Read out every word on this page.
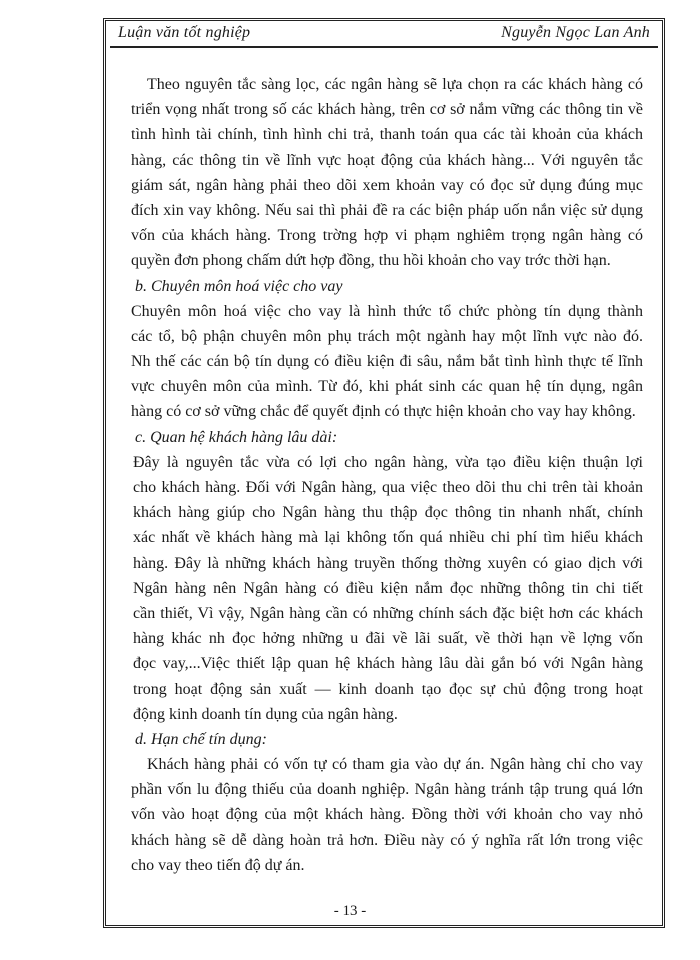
Luận văn tốt nghiệp	Nguyễn Ngọc Lan Anh
Theo nguyên tắc sàng lọc, các ngân hàng sẽ lựa chọn ra các khách hàng có
triển vọng nhất trong số các khách hàng, trên cơ sở nắm vững các thông tin về
tình hình tài chính, tình hình chi trả, thanh toán qua các tài khoản của khách
hàng, các thông tin về lĩnh vực hoạt động của khách hàng... Với nguyên tắc
giám sát, ngân hàng phải theo dõi xem khoản vay có đọc sử dụng đúng mục
đích xin vay không. Nếu sai thì phải đề ra các biện pháp uốn nắn việc sử dụng
vốn của khách hàng. Trong trờng hợp vi phạm nghiêm trọng ngân hàng có
quyền đơn phong chấm dứt hợp đồng, thu hồi khoản cho vay trớc thời hạn.
b. Chuyên môn hoá việc cho vay
Chuyên môn hoá việc cho vay là hình thức tổ chức phòng tín dụng thành
các tổ, bộ phận chuyên môn phụ trách một ngành hay một lĩnh vực nào đó.
Nh thế các cán bộ tín dụng có điều kiện đi sâu, nắm bắt tình hình thực tế lĩnh
vực chuyên môn của mình. Từ đó, khi phát sinh các quan hệ tín dụng, ngân
hàng có cơ sở vững chắc để quyết định có thực hiện khoản cho vay hay không.
c. Quan hệ khách hàng lâu dài:
Đây là nguyên tắc vừa có lợi cho ngân hàng, vừa tạo điều kiện thuận lợi
cho khách hàng. Đối với Ngân hàng, qua việc theo dõi thu chi trên tài khoản
khách hàng giúp cho Ngân hàng thu thập đọc thông tin nhanh nhất, chính
xác nhất về khách hàng mà lại không tốn quá nhiều chi phí tìm hiểu khách
hàng. Đây là những khách hàng truyền thống thờng xuyên có giao dịch với
Ngân hàng nên Ngân hàng có điều kiện nắm đọc những thông tin chi tiết
cần thiết, Vì vậy, Ngân hàng cần có những chính sách đặc biệt hơn các khách
hàng khác nh đọc hởng những u đãi về lãi suất, về thời hạn về lợng vốn
đọc vay,...Việc thiết lập quan hệ khách hàng lâu dài gắn bó với Ngân hàng
trong hoạt động sản xuất — kinh doanh tạo đọc sự chủ động trong hoạt
động kinh doanh tín dụng của ngân hàng.
d. Hạn chế tín dụng:
Khách hàng phải có vốn tự có tham gia vào dự án. Ngân hàng chỉ cho vay
phần vốn lu động thiếu của doanh nghiệp. Ngân hàng tránh tập trung quá lớn
vốn vào hoạt động của một khách hàng. Đồng thời với khoản cho vay nhỏ
khách hàng sẽ dễ dàng hoàn trả hơn. Điều này có ý nghĩa rất lớn trong việc
cho vay theo tiến độ dự án.
- 13 -
